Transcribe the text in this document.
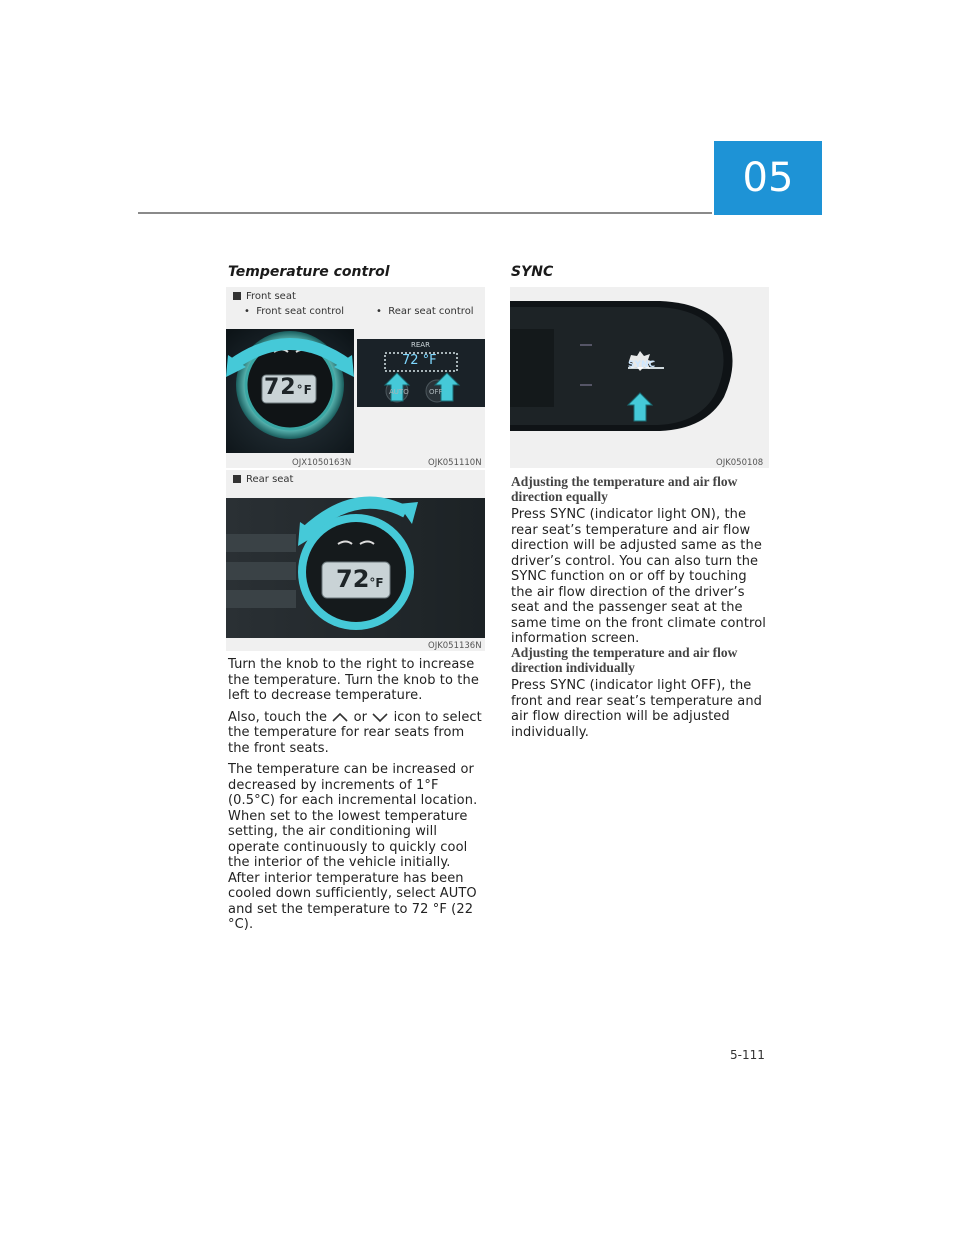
05
Temperature control
Front seat
•  Front seat control	•  Rear seat control
72°F
REAR
72 °F
AUTO	OFF
OJX1050163N	OJK051110N
Rear seat
72°F
OJK051136N

Turn the knob to the right to increase the temperature. Turn the knob to the left to decrease temperature.

Also, touch the or icon to select the temperature for rear seats from the front seats.

The temperature can be increased or decreased by increments of 1°F (0.5°C) for each incremental location. When set to the lowest temperature setting, the air conditioning will operate continuously to quickly cool the interior of the vehicle initially. After interior temperature has been cooled down sufficiently, select AUTO and set the temperature to 72 °F (22 °C).

SYNC
SYNC
OJK050108
Adjusting the temperature and air flow direction equally
Press SYNC (indicator light ON), the rear seat’s temperature and air flow direction will be adjusted same as the driver’s control. You can also turn the SYNC function on or off by touching the air flow direction of the driver’s seat and the passenger seat at the same time on the front climate control information screen.
Adjusting the temperature and air flow direction individually
Press SYNC (indicator light OFF), the front and rear seat’s temperature and air flow direction will be adjusted individually.
5-111
